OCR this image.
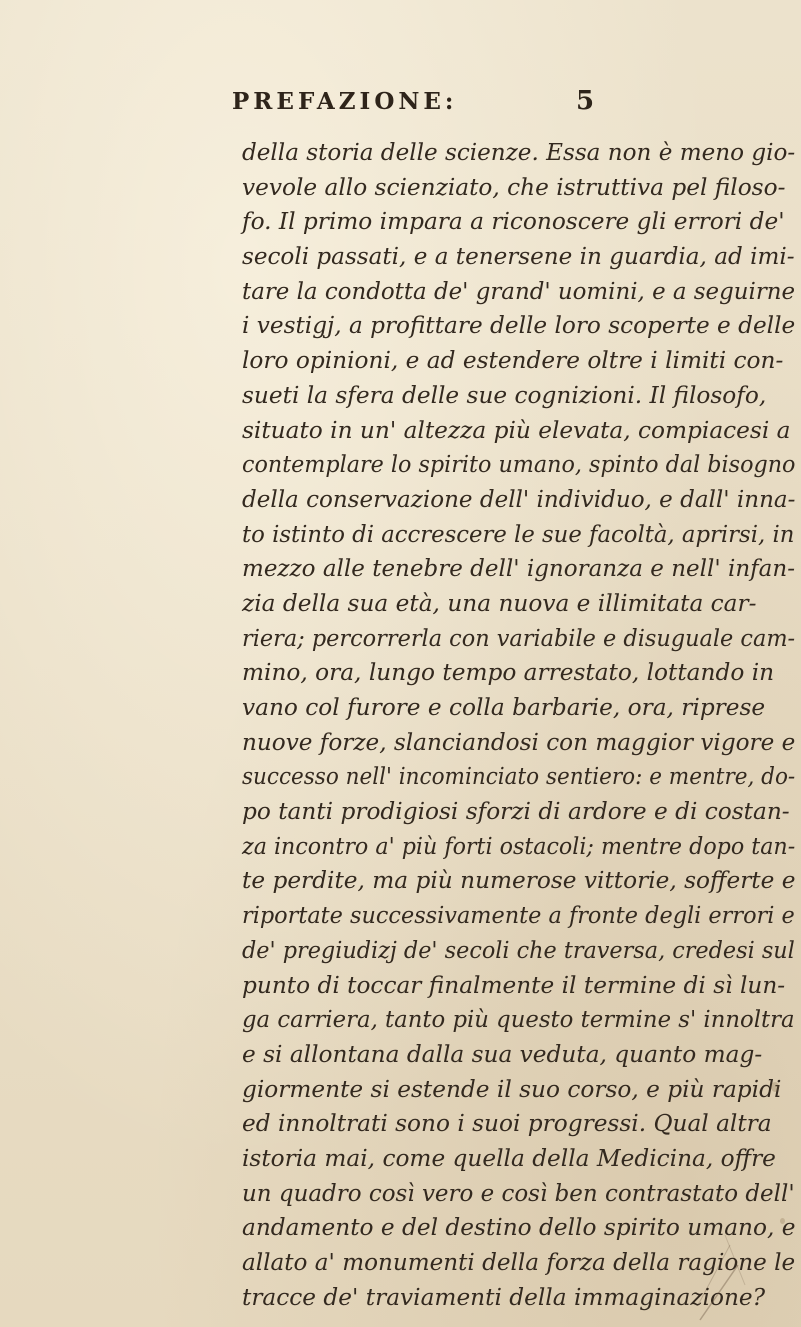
PREFAZIONE:	5
della storia delle scienze. Essa non è meno gio-
vevole allo scienziato, che istruttiva pel filoso-
fo. Il primo impara a riconoscere gli errori de'
secoli passati, e a tenersene in guardia, ad imi-
tare la condotta de' grand' uomini, e a seguirne
i vestigj, a profittare delle loro scoperte e delle
loro opinioni, e ad estendere oltre i limiti con-
sueti la sfera delle sue cognizioni. Il filosofo,
situato in un' altezza più elevata, compiacesi a
contemplare lo spirito umano, spinto dal bisogno
della conservazione dell' individuo, e dall' inna-
to istinto di accrescere le sue facoltà, aprirsi, in
mezzo alle tenebre dell' ignoranza e nell' infan-
zia della sua età, una nuova e illimitata car-
riera; percorrerla con variabile e disuguale cam-
mino, ora, lungo tempo arrestato, lottando in
vano col furore e colla barbarie, ora, riprese
nuove forze, slanciandosi con maggior vigore e
successo nell' incominciato sentiero: e mentre, do-
po tanti prodigiosi sforzi di ardore e di costan-
za incontro a' più forti ostacoli; mentre dopo tan-
te perdite, ma più numerose vittorie, sofferte e
riportate successivamente a fronte degli errori e
de' pregiudizj de' secoli che traversa, credesi sul
punto di toccar finalmente il termine di sì lun-
ga carriera, tanto più questo termine s' innoltra
e si allontana dalla sua veduta, quanto mag-
giormente si estende il suo corso, e più rapidi
ed innoltrati sono i suoi progressi. Qual altra
istoria mai, come quella della Medicina, offre
un quadro così vero e così ben contrastato dell'
andamento e del destino dello spirito umano, e
allato a' monumenti della forza della ragione le
tracce de' traviamenti della immaginazione?
